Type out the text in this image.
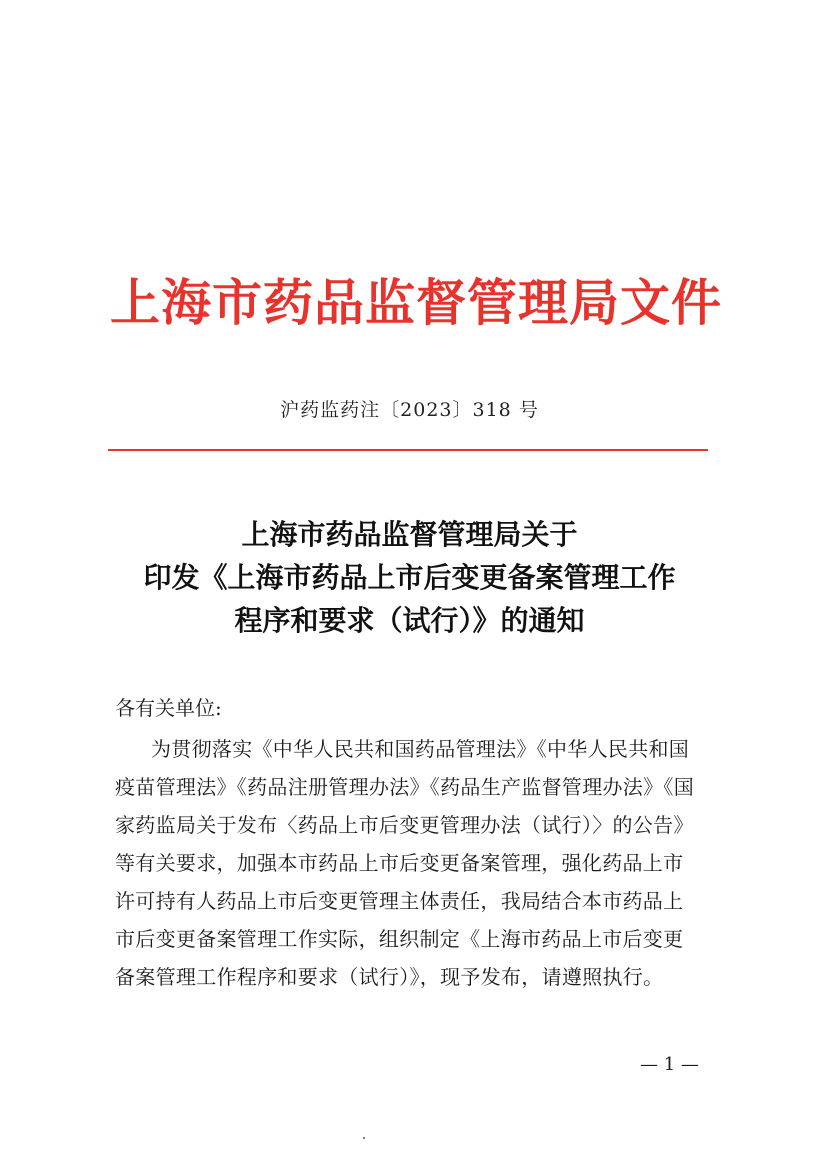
上海市药品监督管理局文件
沪药监药注〔2023〕318 号
上海市药品监督管理局关于
印发《上海市药品上市后变更备案管理工作
程序和要求（试行）》的通知
各有关单位:
为贯彻落实《中华人民共和国药品管理法》《中华人民共和国
疫苗管理法》《药品注册管理办法》《药品生产监督管理办法》《国
家药监局关于发布〈药品上市后变更管理办法（试行）〉的公告》
等有关要求，加强本市药品上市后变更备案管理，强化药品上市
许可持有人药品上市后变更管理主体责任，我局结合本市药品上
市后变更备案管理工作实际，组织制定《上海市药品上市后变更
备案管理工作程序和要求（试行）》，现予发布，请遵照执行。
— 1 —
